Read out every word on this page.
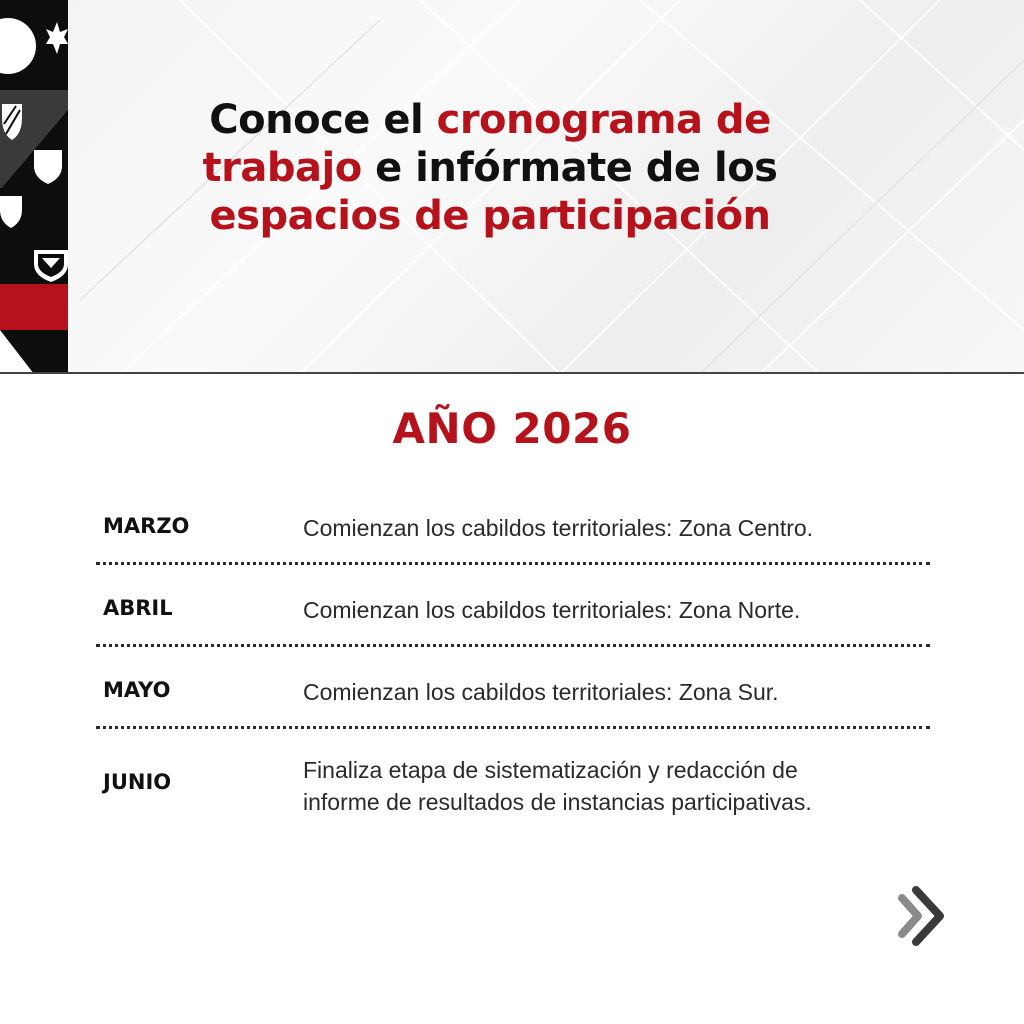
Conoce el cronograma de
trabajo e infórmate de los
espacios de participación
AÑO 2026
MARZO	Comienzan los cabildos territoriales: Zona Centro.
ABRIL	Comienzan los cabildos territoriales: Zona Norte.
MAYO	Comienzan los cabildos territoriales: Zona Sur.
JUNIO	Finaliza etapa de sistematización y redacción de
informe de resultados de instancias participativas.
